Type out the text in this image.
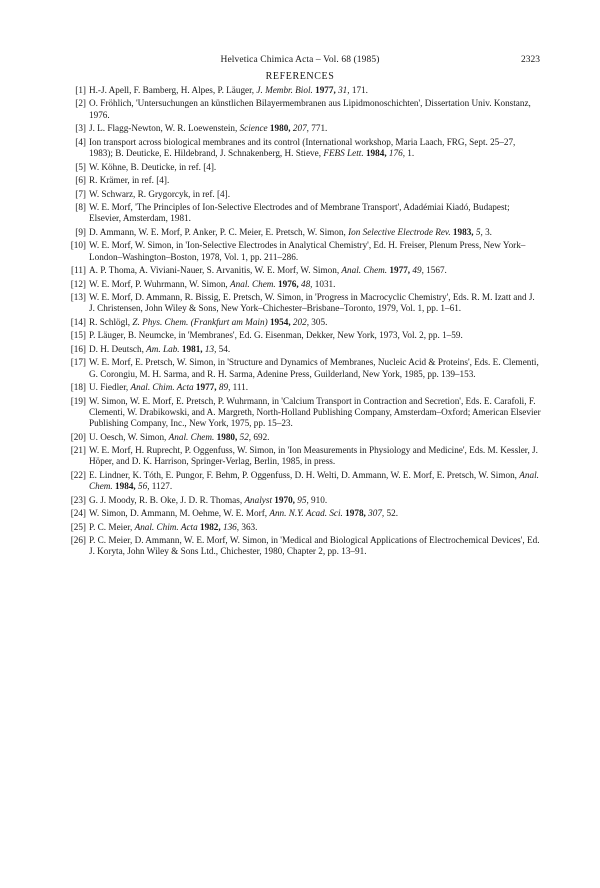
Helvetica Chimica Acta – Vol. 68 (1985)	2323
REFERENCES
[1] H.-J. Apell, F. Bamberg, H. Alpes, P. Läuger, J. Membr. Biol. 1977, 31, 171.
[2] O. Fröhlich, 'Untersuchungen an künstlichen Bilayermembranen aus Lipidmonoschichten', Dissertation Univ. Konstanz, 1976.
[3] J. L. Flagg-Newton, W. R. Loewenstein, Science 1980, 207, 771.
[4] Ion transport across biological membranes and its control (International workshop, Maria Laach, FRG, Sept. 25–27, 1983); B. Deuticke, E. Hildebrand, J. Schnakenberg, H. Stieve, FEBS Lett. 1984, 176, 1.
[5] W. Köhne, B. Deuticke, in ref. [4].
[6] R. Krämer, in ref. [4].
[7] W. Schwarz, R. Grygorcyk, in ref. [4].
[8] W. E. Morf, 'The Principles of Ion-Selective Electrodes and of Membrane Transport', Adadémiai Kiadó, Budapest; Elsevier, Amsterdam, 1981.
[9] D. Ammann, W. E. Morf, P. Anker, P. C. Meier, E. Pretsch, W. Simon, Ion Selective Electrode Rev. 1983, 5, 3.
[10] W. E. Morf, W. Simon, in 'Ion-Selective Electrodes in Analytical Chemistry', Ed. H. Freiser, Plenum Press, New York–London–Washington–Boston, 1978, Vol. 1, pp. 211–286.
[11] A. P. Thoma, A. Viviani-Nauer, S. Arvanitis, W. E. Morf, W. Simon, Anal. Chem. 1977, 49, 1567.
[12] W. E. Morf, P. Wuhrmann, W. Simon, Anal. Chem. 1976, 48, 1031.
[13] W. E. Morf, D. Ammann, R. Bissig, E. Pretsch, W. Simon, in 'Progress in Macrocyclic Chemistry', Eds. R. M. Izatt and J. J. Christensen, John Wiley & Sons, New York–Chichester–Brisbane–Toronto, 1979, Vol. 1, pp. 1–61.
[14] R. Schlögl, Z. Phys. Chem. (Frankfurt am Main) 1954, 202, 305.
[15] P. Läuger, B. Neumcke, in 'Membranes', Ed. G. Eisenman, Dekker, New York, 1973, Vol. 2, pp. 1–59.
[16] D. H. Deutsch, Am. Lab. 1981, 13, 54.
[17] W. E. Morf, E. Pretsch, W. Simon, in 'Structure and Dynamics of Membranes, Nucleic Acid & Proteins', Eds. E. Clementi, G. Corongiu, M. H. Sarma, and R. H. Sarma, Adenine Press, Guilderland, New York, 1985, pp. 139–153.
[18] U. Fiedler, Anal. Chim. Acta 1977, 89, 111.
[19] W. Simon, W. E. Morf, E. Pretsch, P. Wuhrmann, in 'Calcium Transport in Contraction and Secretion', Eds. E. Carafoli, F. Clementi, W. Drabikowski, and A. Margreth, North-Holland Publishing Company, Amsterdam–Oxford; American Elsevier Publishing Company, Inc., New York, 1975, pp. 15–23.
[20] U. Oesch, W. Simon, Anal. Chem. 1980, 52, 692.
[21] W. E. Morf, H. Ruprecht, P. Oggenfuss, W. Simon, in 'Ion Measurements in Physiology and Medicine', Eds. M. Kessler, J. Höper, and D. K. Harrison, Springer-Verlag, Berlin, 1985, in press.
[22] E. Lindner, K. Tóth, E. Pungor, F. Behm, P. Oggenfuss, D. H. Welti, D. Ammann, W. E. Morf, E. Pretsch, W. Simon, Anal. Chem. 1984, 56, 1127.
[23] G. J. Moody, R. B. Oke, J. D. R. Thomas, Analyst 1970, 95, 910.
[24] W. Simon, D. Ammann, M. Oehme, W. E. Morf, Ann. N.Y. Acad. Sci. 1978, 307, 52.
[25] P. C. Meier, Anal. Chim. Acta 1982, 136, 363.
[26] P. C. Meier, D. Ammann, W. E. Morf, W. Simon, in 'Medical and Biological Applications of Electrochemical Devices', Ed. J. Koryta, John Wiley & Sons Ltd., Chichester, 1980, Chapter 2, pp. 13–91.
